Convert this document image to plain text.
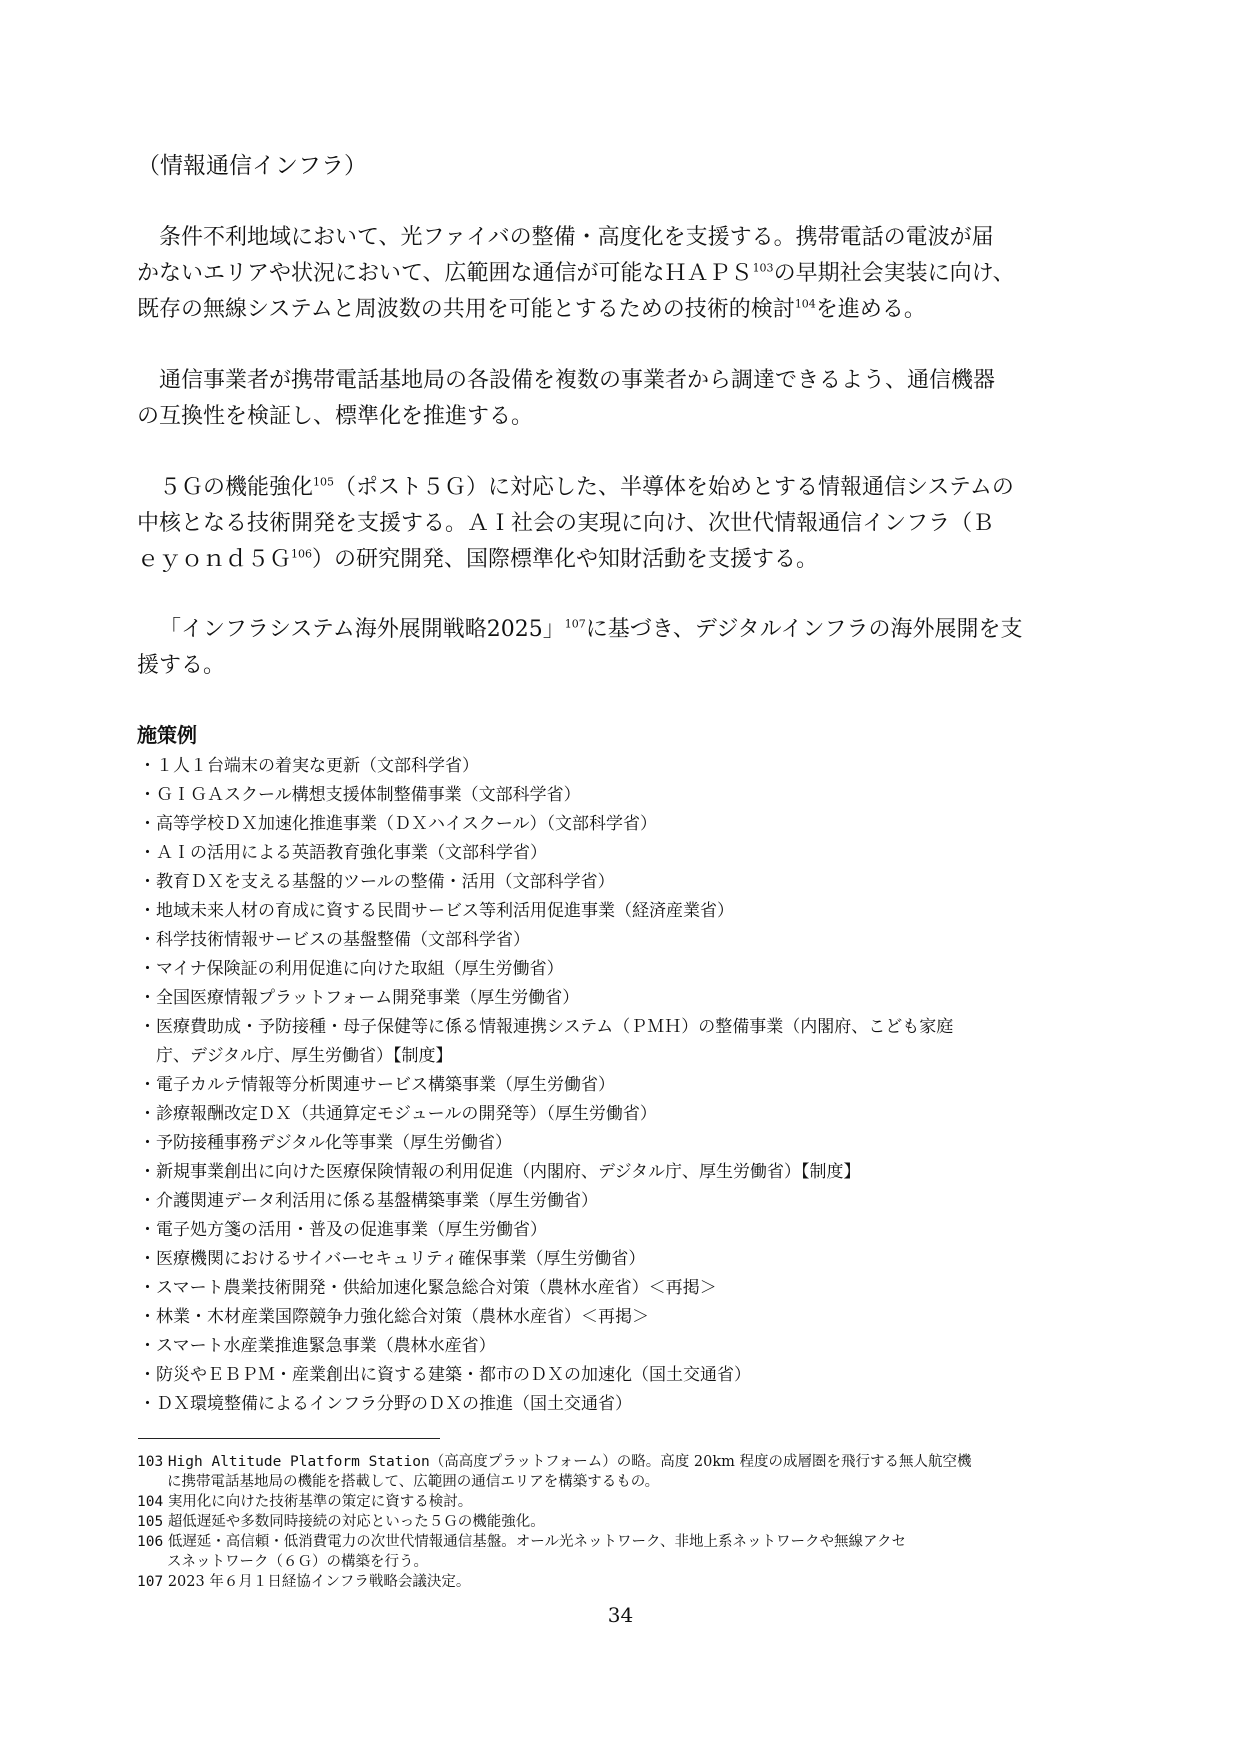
（情報通信インフラ）
条件不利地域において、光ファイバの整備・高度化を支援する。携帯電話の電波が届
かないエリアや状況において、広範囲な通信が可能なＨＡＰＳ$^{103}$の早期社会実装に向け、
既存の無線システムと周波数の共用を可能とするための技術的検討$^{104}$を進める。
通信事業者が携帯電話基地局の各設備を複数の事業者から調達できるよう、通信機器
の互換性を検証し、標準化を推進する。
５Ｇの機能強化$^{105}$（ポスト５Ｇ）に対応した、半導体を始めとする情報通信システムの
中核となる技術開発を支援する。ＡＩ社会の実現に向け、次世代情報通信インフラ（Ｂ
ｅｙｏｎｄ５Ｇ$^{106}$）の研究開発、国際標準化や知財活動を支援する。
「インフラシステム海外展開戦略2025」$^{107}$に基づき、デジタルインフラの海外展開を支
援する。
施策例
・１人１台端末の着実な更新（文部科学省）
・ＧＩＧＡスクール構想支援体制整備事業（文部科学省）
・高等学校ＤＸ加速化推進事業（ＤＸハイスクール）（文部科学省）
・ＡＩの活用による英語教育強化事業（文部科学省）
・教育ＤＸを支える基盤的ツールの整備・活用（文部科学省）
・地域未来人材の育成に資する民間サービス等利活用促進事業（経済産業省）
・科学技術情報サービスの基盤整備（文部科学省）
・マイナ保険証の利用促進に向けた取組（厚生労働省）
・全国医療情報プラットフォーム開発事業（厚生労働省）
・医療費助成・予防接種・母子保健等に係る情報連携システム（ＰＭＨ）の整備事業（内閣府、こども家庭
庁、デジタル庁、厚生労働省）【制度】
・電子カルテ情報等分析関連サービス構築事業（厚生労働省）
・診療報酬改定ＤＸ（共通算定モジュールの開発等）（厚生労働省）
・予防接種事務デジタル化等事業（厚生労働省）
・新規事業創出に向けた医療保険情報の利用促進（内閣府、デジタル庁、厚生労働省）【制度】
・介護関連データ利活用に係る基盤構築事業（厚生労働省）
・電子処方箋の活用・普及の促進事業（厚生労働省）
・医療機関におけるサイバーセキュリティ確保事業（厚生労働省）
・スマート農業技術開発・供給加速化緊急総合対策（農林水産省）＜再掲＞
・林業・木材産業国際競争力強化総合対策（農林水産省）＜再掲＞
・スマート水産業推進緊急事業（農林水産省）
・防災やＥＢＰＭ・産業創出に資する建築・都市のＤＸの加速化（国土交通省）
・ＤＸ環境整備によるインフラ分野のＤＸの推進（国土交通省）
103 High Altitude Platform Station（高高度プラットフォーム）の略。高度 20km 程度の成層圏を飛行する無人航空機
に携帯電話基地局の機能を搭載して、広範囲の通信エリアを構築するもの。
104 実用化に向けた技術基準の策定に資する検討。
105 超低遅延や多数同時接続の対応といった５Ｇの機能強化。
106 低遅延・高信頼・低消費電力の次世代情報通信基盤。オール光ネットワーク、非地上系ネットワークや無線アクセ
スネットワーク（６Ｇ）の構築を行う。
107 2023 年６月１日経協インフラ戦略会議決定。
34
